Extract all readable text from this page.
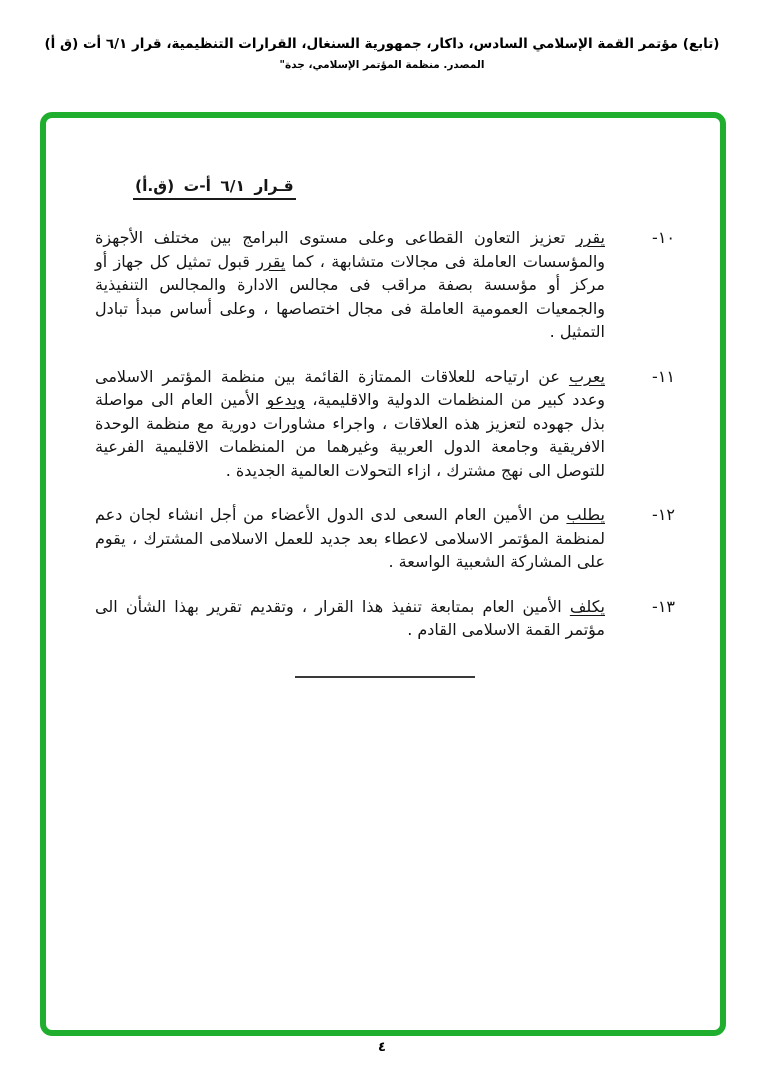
(تابع) مؤتمر القمة الإسلامي السادس، داكار، جمهورية السنغال، القرارات التنظيمية، قرار ٦/١ أت (ق أ)
المصدر. منظمة المؤتمر الإسلامي، جدة"
قـرار ٦/١ أ-ت (ق.أ)
١٠-
يقرر تعزيز التعاون القطاعى وعلى مستوى البرامج بين مختلف الأجهزة والمؤسسات العاملة فى مجالات متشابهة ، كما يقرر قبول تمثيل كل جهاز أو مركز أو مؤسسة بصفة مراقب فى مجالس الادارة والمجالس التنفيذية والجمعيات العمومية العاملة فى مجال اختصاصها ، وعلى أساس مبدأ تبادل التمثيل .
١١-
يعرب عن ارتياحه للعلاقات الممتازة القائمة بين منظمة المؤتمر الاسلامى وعدد كبير من المنظمات الدولية والاقليمية، ويدعو الأمين العام الى مواصلة بذل جهوده لتعزيز هذه العلاقات ، واجراء مشاورات دورية مع منظمة الوحدة الافريقية وجامعة الدول العربية وغيرهما من المنظمات الاقليمية الفرعية للتوصل الى نهج مشترك ، ازاء التحولات العالمية الجديدة .
١٢-
يطلب من الأمين العام السعى لدى الدول الأعضاء من أجل انشاء لجان دعم لمنظمة المؤتمر الاسلامى لاعطاء بعد جديد للعمل الاسلامى المشترك ، يقوم على المشاركة الشعبية الواسعة .
١٣-
يكلف الأمين العام بمتابعة تنفيذ هذا القرار ، وتقديم تقرير بهذا الشأن الى مؤتمر القمة الاسلامى القادم .
٤
